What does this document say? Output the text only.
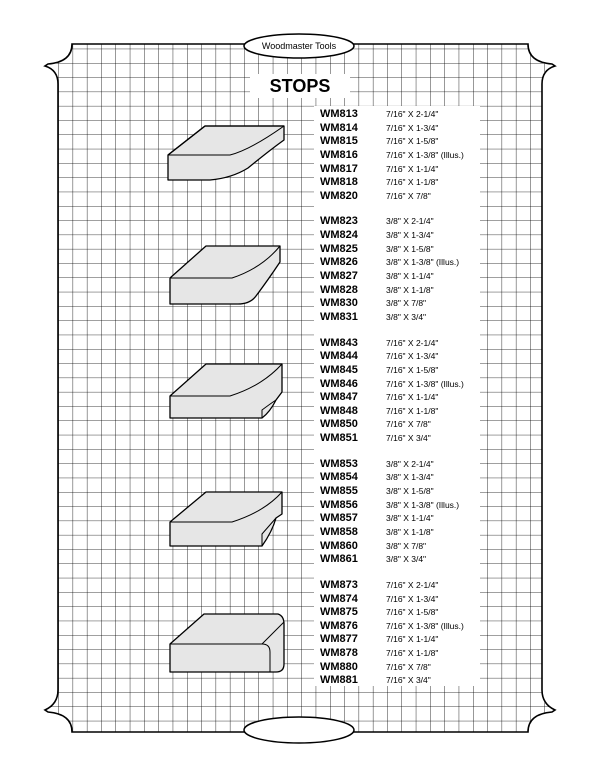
Woodmaster Tools
STOPS
WM813	7/16" X 2-1/4"
WM814	7/16" X 1-3/4"
WM815	7/16" X 1-5/8"
WM816	7/16" X 1-3/8" (Illus.)
WM817	7/16" X 1-1/4"
WM818	7/16" X 1-1/8"
WM820	7/16" X 7/8"
WM823	3/8" X 2-1/4"
WM824	3/8" X 1-3/4"
WM825	3/8" X 1-5/8"
WM826	3/8" X 1-3/8" (Illus.)
WM827	3/8" X 1-1/4"
WM828	3/8" X 1-1/8"
WM830	3/8" X 7/8"
WM831	3/8" X 3/4"
WM843	7/16" X 2-1/4"
WM844	7/16" X 1-3/4"
WM845	7/16" X 1-5/8"
WM846	7/16" X 1-3/8" (Illus.)
WM847	7/16" X 1-1/4"
WM848	7/16" X 1-1/8"
WM850	7/16" X 7/8"
WM851	7/16" X 3/4"
WM853	3/8" X 2-1/4"
WM854	3/8" X 1-3/4"
WM855	3/8" X 1-5/8"
WM856	3/8" X 1-3/8" (Illus.)
WM857	3/8" X 1-1/4"
WM858	3/8" X 1-1/8"
WM860	3/8" X 7/8"
WM861	3/8" X 3/4"
WM873	7/16" X 2-1/4"
WM874	7/16" X 1-3/4"
WM875	7/16" X 1-5/8"
WM876	7/16" X 1-3/8" (Illus.)
WM877	7/16" X 1-1/4"
WM878	7/16" X 1-1/8"
WM880	7/16" X 7/8"
WM881	7/16" X 3/4"
